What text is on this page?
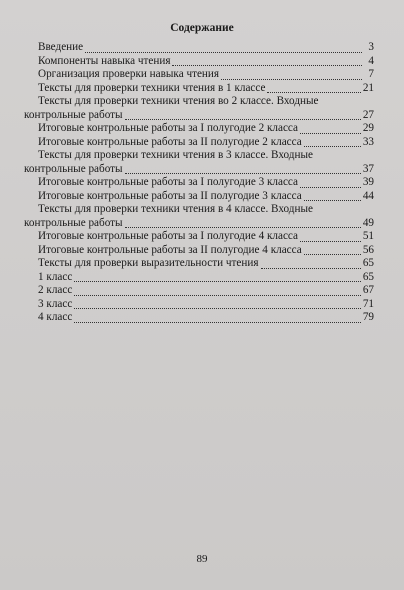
Содержание
Введение	3
Компоненты навыка чтения	4
Организация проверки навыка чтения	7
Тексты для проверки техники чтения в 1 классе	21
Тексты для проверки техники чтения во 2 классе. Входные
контрольные работы	27
Итоговые контрольные работы за I полугодие 2 класса	29
Итоговые контрольные работы за II полугодие 2 класса	33
Тексты для проверки техники чтения в 3 классе. Входные
контрольные работы	37
Итоговые контрольные работы за I полугодие 3 класса	39
Итоговые контрольные работы за II полугодие 3 класса	44
Тексты для проверки техники чтения в 4 классе. Входные
контрольные работы	49
Итоговые контрольные работы за I полугодие 4 класса	51
Итоговые контрольные работы за II полугодие 4 класса	56
Тексты для проверки выразительности чтения	65
1 класс	65
2 класс	67
3 класс	71
4 класс	79
89
